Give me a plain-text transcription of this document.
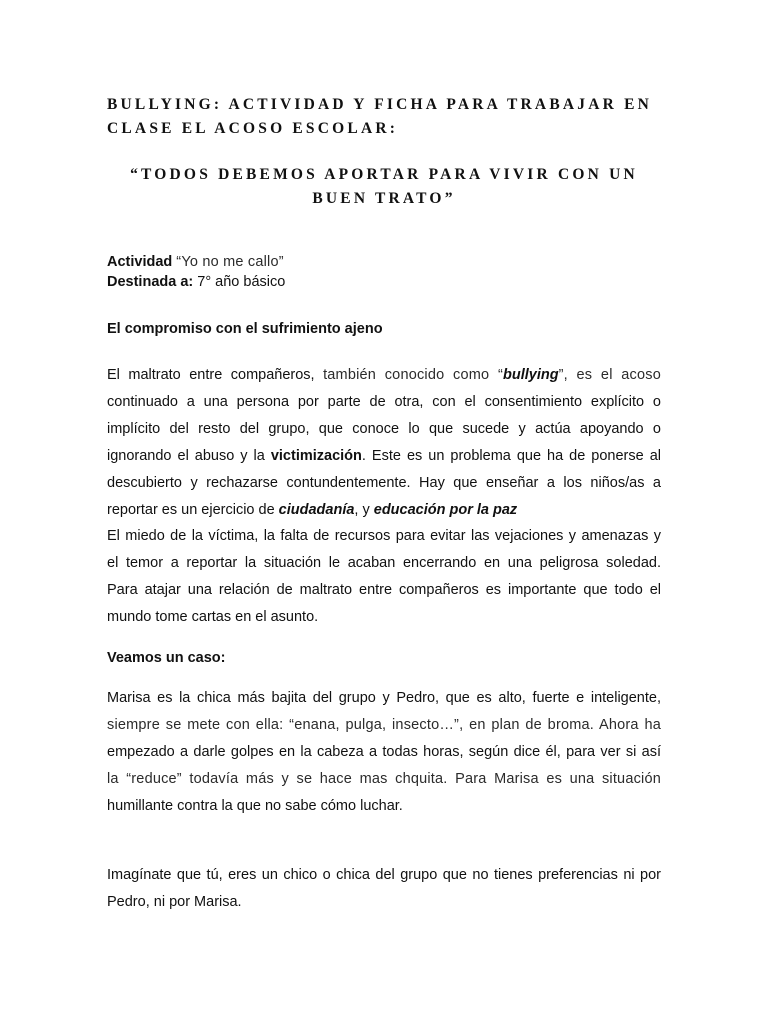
BULLYING: ACTIVIDAD Y FICHA PARA TRABAJAR EN CLASE EL ACOSO ESCOLAR:
“TODOS DEBEMOS APORTAR PARA VIVIR CON UN
BUEN TRATO”
Actividad “Yo no me callo”
Destinada a: 7° año básico
El compromiso con el sufrimiento ajeno
El maltrato entre compañeros, también conocido como “bullying”, es el acoso
continuado a una persona por parte de otra, con el consentimiento explícito o
implícito del resto del grupo, que conoce lo que sucede y actúa apoyando o
ignorando el abuso y la victimización. Este es un problema que ha de ponerse al
descubierto y rechazarse contundentemente. Hay que enseñar a los niños/as a
reportar es un ejercicio de ciudadanía, y educación por la paz
El miedo de la víctima, la falta de recursos para evitar las vejaciones y amenazas y
el temor a reportar la situación le acaban encerrando en una peligrosa soledad.
Para atajar una relación de maltrato entre compañeros es importante que todo el
mundo tome cartas en el asunto.
Veamos un caso:
Marisa es la chica más bajita del grupo y Pedro, que es alto, fuerte e inteligente,
siempre se mete con ella: “enana, pulga, insecto…”, en plan de broma. Ahora ha
empezado a darle golpes en la cabeza a todas horas, según dice él, para ver si así
la “reduce” todavía más y se hace mas chquita. Para Marisa es una situación
humillante contra la que no sabe cómo luchar.
Imagínate que tú, eres un chico o chica del grupo que no tienes preferencias ni por
Pedro, ni por Marisa.
